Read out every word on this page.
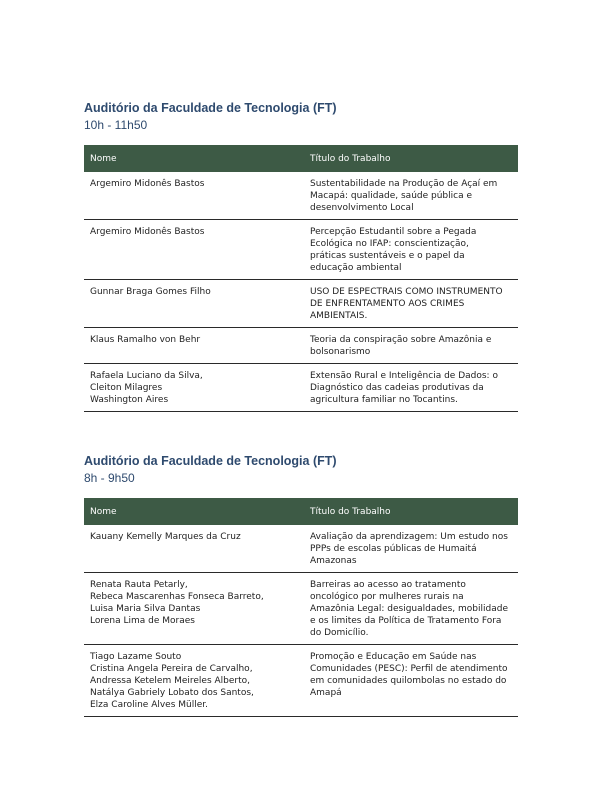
Auditório da Faculdade de Tecnologia (FT)
10h - 11h50
Nome	Título do Trabalho

Argemiro Midonês Bastos	Sustentabilidade na Produção de Açaí em
Macapá: qualidade, saúde pública e
desenvolvimento Local

Argemiro Midonês Bastos	Percepção Estudantil sobre a Pegada
Ecológica no IFAP: conscientização,
práticas sustentáveis e o papel da
educação ambiental

Gunnar Braga Gomes Filho	USO DE ESPECTRAIS COMO INSTRUMENTO
DE ENFRENTAMENTO AOS CRIMES
AMBIENTAIS.

Klaus Ramalho von Behr	Teoria da conspiração sobre Amazônia e
bolsonarismo

Rafaela Luciano da Silva,
Cleiton Milagres
Washington Aires	Extensão Rural e Inteligência de Dados: o
Diagnóstico das cadeias produtivas da
agricultura familiar no Tocantins.
Auditório da Faculdade de Tecnologia (FT)
8h - 9h50
Nome	Título do Trabalho

Kauany Kemelly Marques da Cruz	Avaliação da aprendizagem: Um estudo nos
PPPs de escolas públicas de Humaitá
Amazonas

Renata Rauta Petarly,
Rebeca Mascarenhas Fonseca Barreto,
Luisa Maria Silva Dantas
Lorena Lima de Moraes	Barreiras ao acesso ao tratamento
oncológico por mulheres rurais na
Amazônia Legal: desigualdades, mobilidade
e os limites da Política de Tratamento Fora
do Domicílio.

Tiago Lazame Souto
Cristina Angela Pereira de Carvalho,
Andressa Ketelem Meireles Alberto,
Natálya Gabriely Lobato dos Santos,
Elza Caroline Alves Müller.	Promoção e Educação em Saúde nas
Comunidades (PESC): Perfil de atendimento
em comunidades quilombolas no estado do
Amapá
